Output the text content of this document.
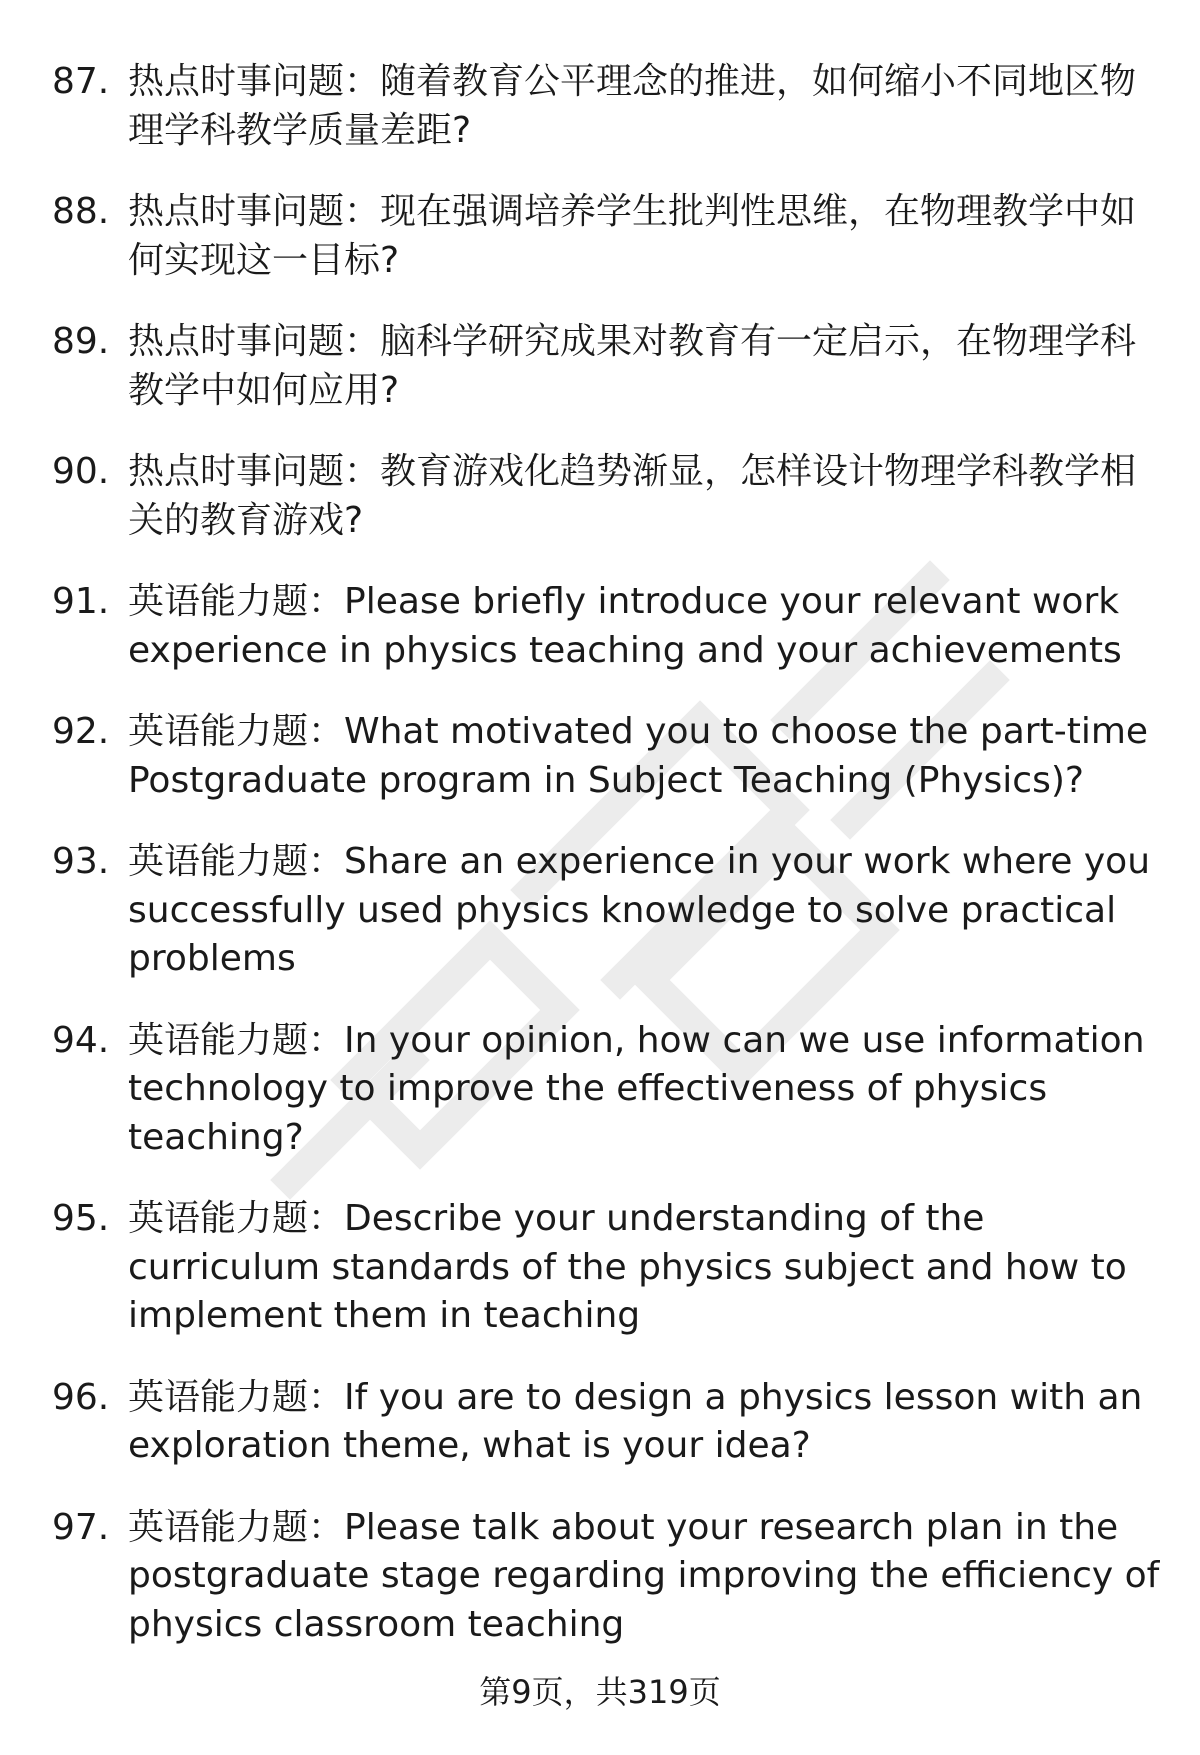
87. 热点时事问题：随着教育公平理念的推进，如何缩小不同地区物理学科教学质量差距?
88. 热点时事问题：现在强调培养学生批判性思维，在物理教学中如何实现这一目标?
89. 热点时事问题：脑科学研究成果对教育有一定启示，在物理学科教学中如何应用?
90. 热点时事问题：教育游戏化趋势渐显，怎样设计物理学科教学相关的教育游戏?
91. 英语能力题：Please briefly introduce your relevant work experience in physics teaching and your achievements
92. 英语能力题：What motivated you to choose the part-time Postgraduate program in Subject Teaching (Physics)?
93. 英语能力题：Share an experience in your work where you successfully used physics knowledge to solve practical problems
94. 英语能力题：In your opinion, how can we use information technology to improve the effectiveness of physics teaching?
95. 英语能力题：Describe your understanding of the curriculum standards of the physics subject and how to implement them in teaching
96. 英语能力题：If you are to design a physics lesson with an exploration theme, what is your idea?
97. 英语能力题：Please talk about your research plan in the postgraduate stage regarding improving the efficiency of physics classroom teaching
第9页，共319页
